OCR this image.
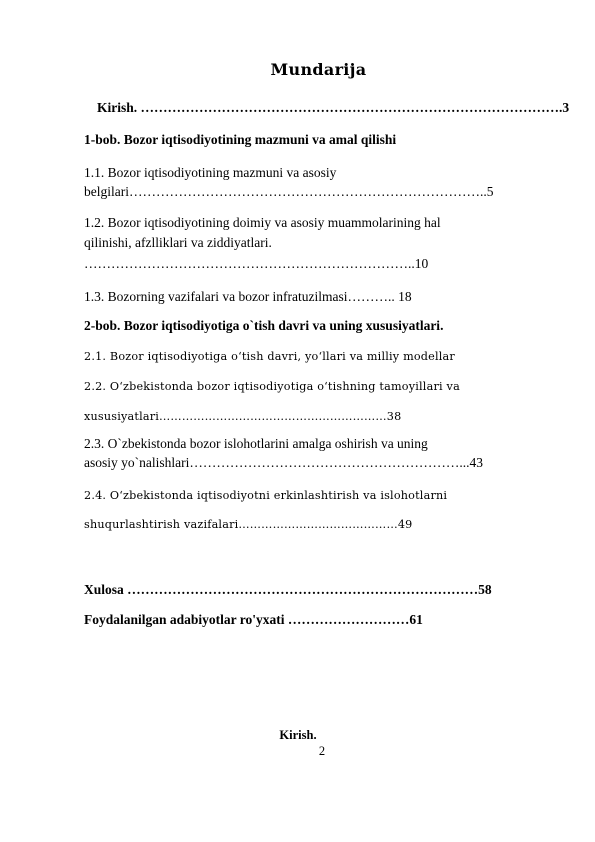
Mundarija
Kirish. ………………………………………………………………………………….3
1-bob. Bozor iqtisodiyotining mazmuni va amal qilishi
1.1. Bozor iqtisodiyotining mazmuni va asosiy
belgilari……………………………………………………………………..5
1.2. Bozor iqtisodiyotining doimiy va asosiy muammolarining hal
qilinishi, afzlliklari va ziddiyatlari.
………………………………………………………………..10
1.3. Bozorning vazifalari va bozor infratuzilmasi……….. 18
2-bob. Bozor iqtisodiyotiga o`tish davri va uning xususiyatlari.
2.1. Bozor iqtisodiyotiga o‘tish davri, yo‘llari va milliy modellar
2.2. O‘zbekistonda bozor iqtisodiyotiga o‘tishning tamoyillari va
xususiyatlari……………………………………………………38
2.3. O`zbekistonda bozor islohotlarini amalga oshirish va uning
asosiy yo`nalishlari……………………………………………………...43
2.4. O‘zbekistonda iqtisodiyotni erkinlashtirish va islohotlarni
shuqurlashtirish vazifalari……………………………………49
Xulosa ……………………………………………………………………58
Foydalanilgan adabiyotlar ro'yxati ………………………61
Kirish.
2
